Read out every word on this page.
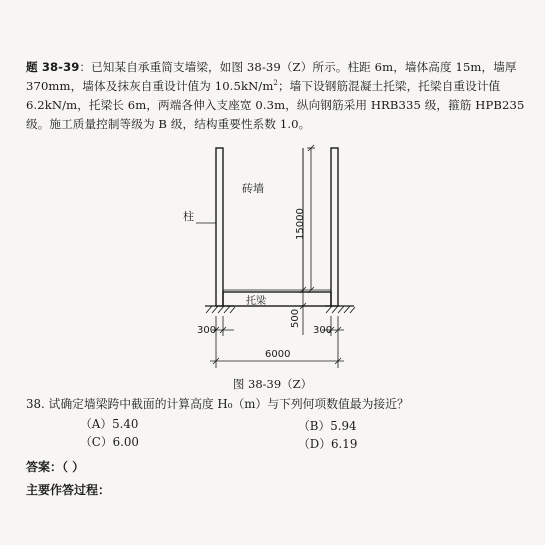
题 38-39：已知某自承重简支墙梁，如图 38-39（Z）所示。柱距 6m，墙体高度 15m，墙厚 370mm，墙体及抹灰自重设计值为 $10.5kN/m^2$；墙下设钢筋混凝土托梁，托梁自重设计值 6.2kN/m，托梁长 6m，两端各伸入支座宽 0.3m，纵向钢筋采用 HRB335 级，箍筋 HPB235 级。施工质量控制等级为 B 级，结构重要性系数 1.0。
砖墙
柱
托梁
15000
500
300	300
6000
图 38-39（Z）
38. 试确定墙梁跨中截面的计算高度 H₀（m）与下列何项数值最为接近？
（A）5.40	（B）5.94
（C）6.00	（D）6.19
答案：（ ）
主要作答过程：
